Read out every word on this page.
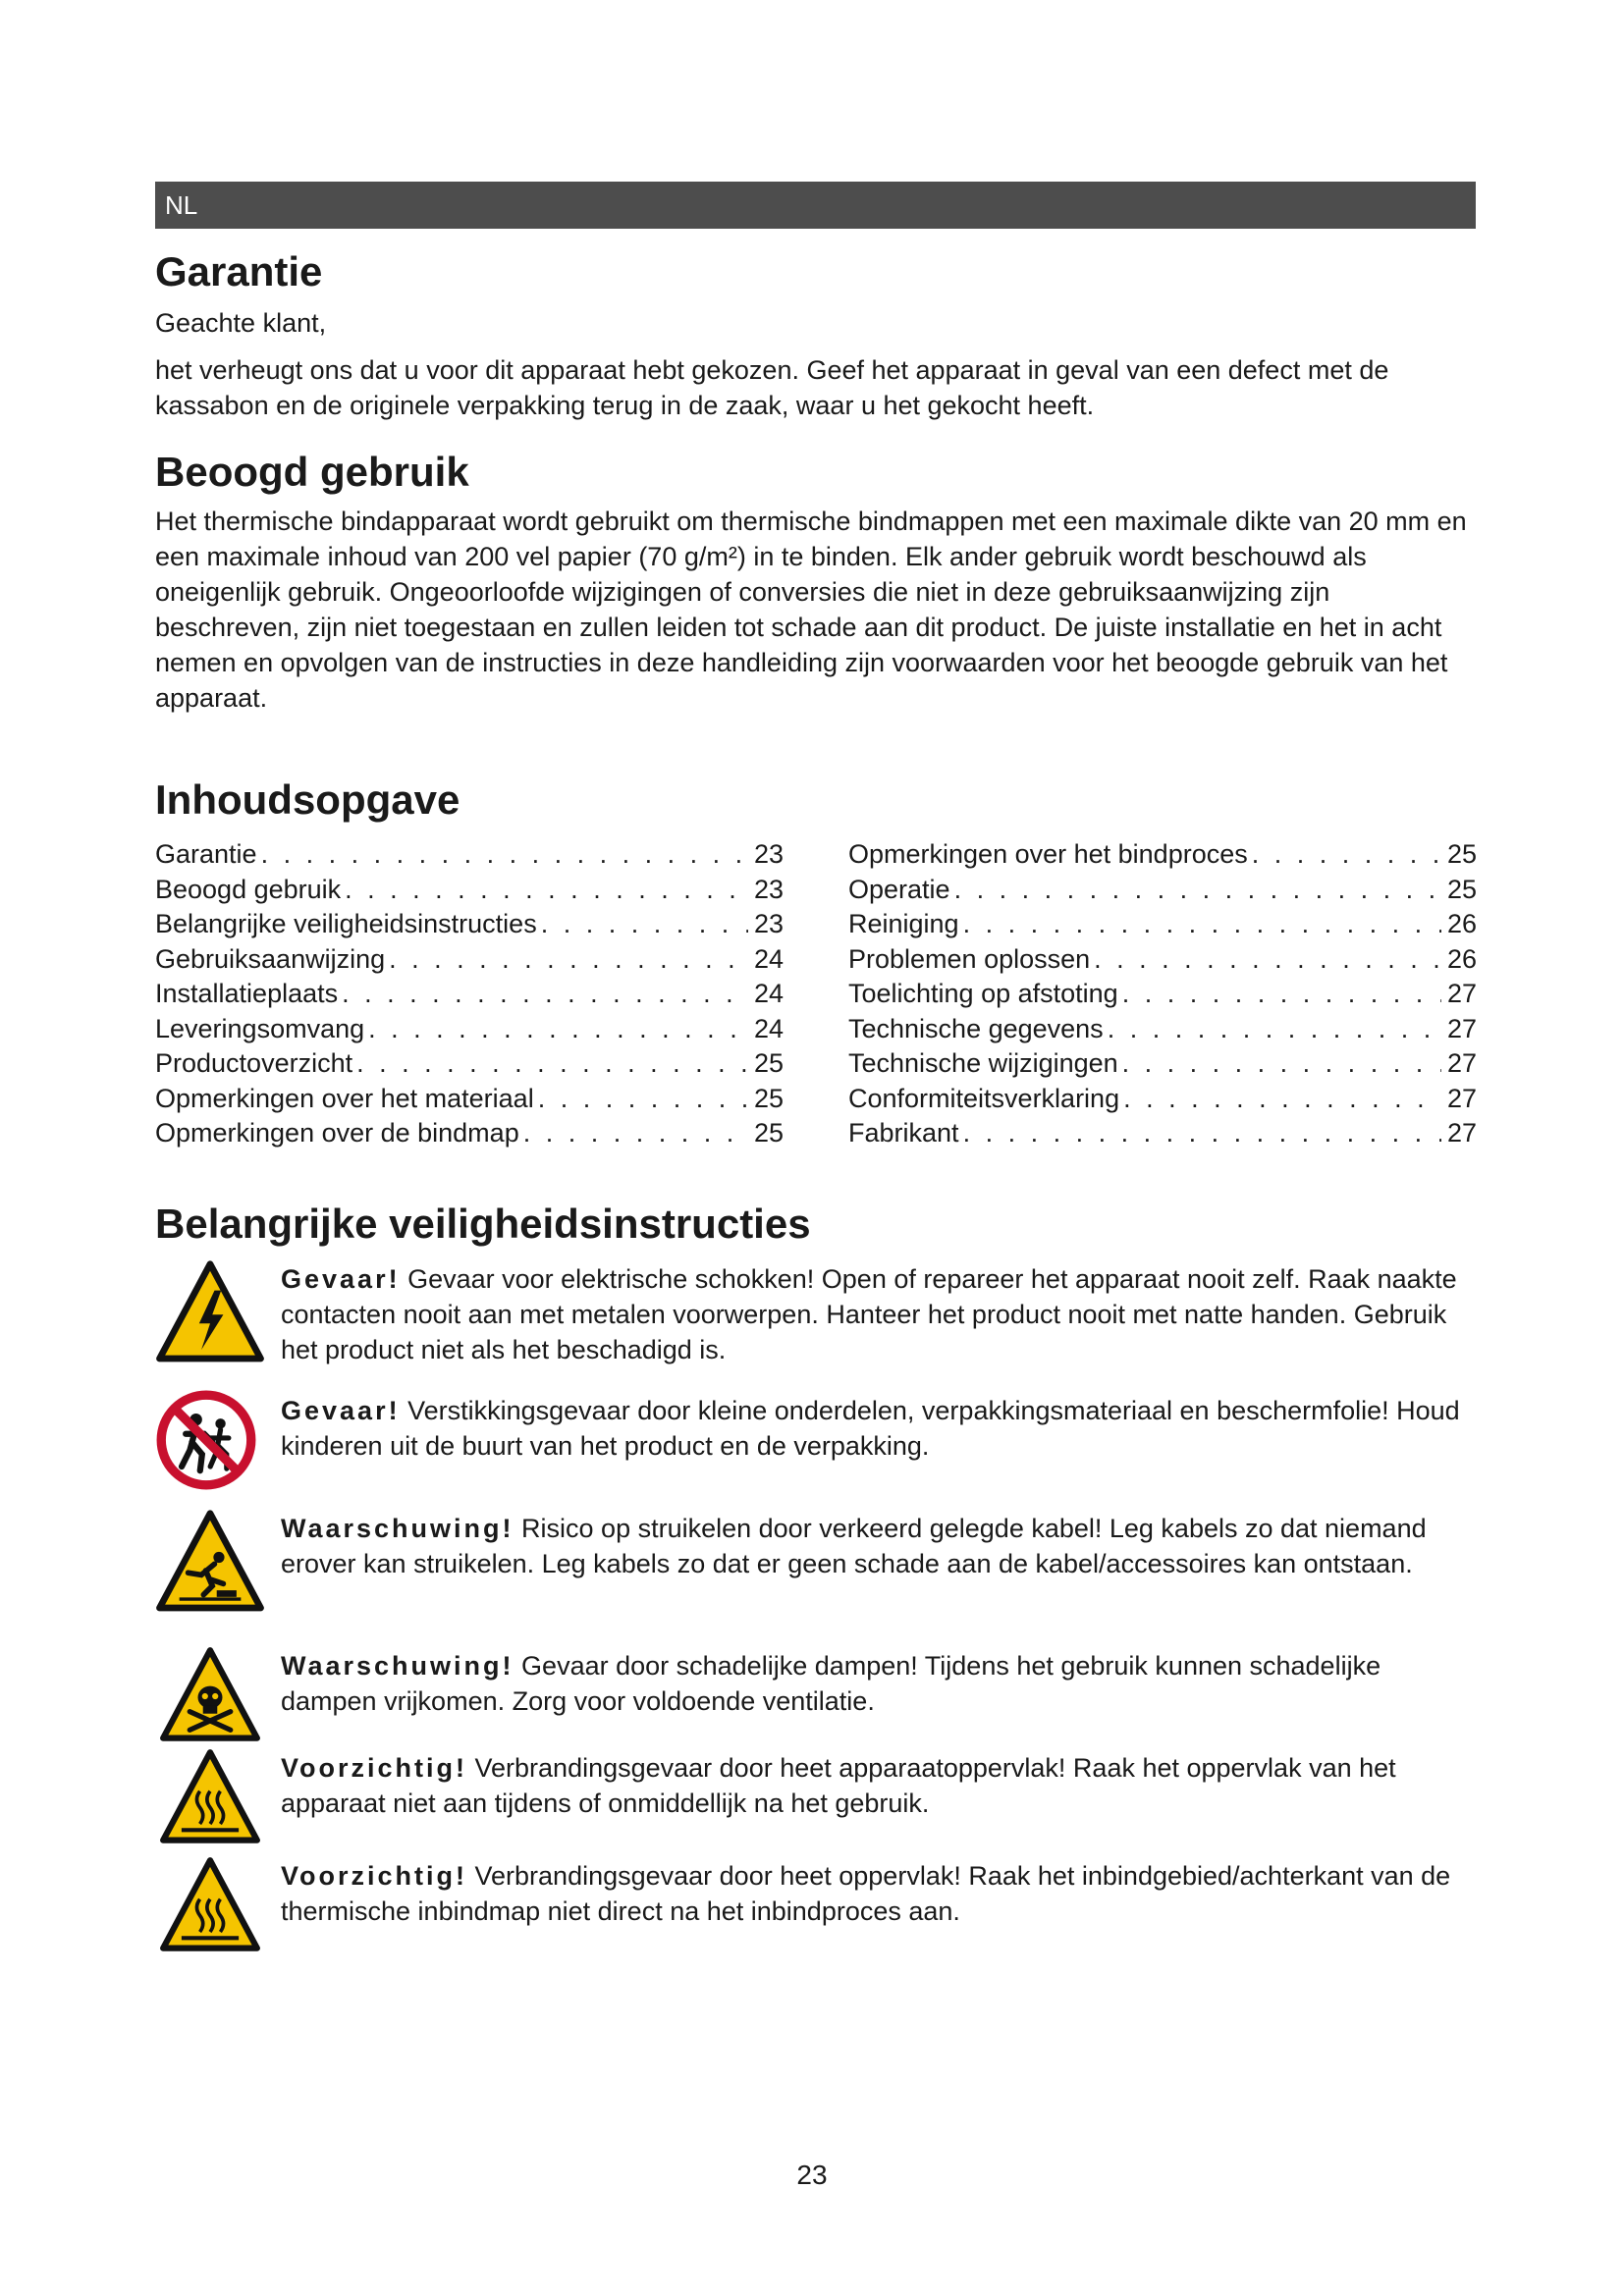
NL
Garantie

Geachte klant,

het verheugt ons dat u voor dit apparaat hebt gekozen. Geef het apparaat in geval van een defect met de kassabon en de originele verpakking terug in de zaak, waar u het gekocht heeft.

Beoogd gebruik

Het thermische bindapparaat wordt gebruikt om thermische bindmappen met een maximale dikte van 20 mm en een maximale inhoud van 200 vel papier (70 g/m²) in te binden. Elk ander gebruik wordt beschouwd als oneigenlijk gebruik. Ongeoorloofde wijzigingen of conversies die niet in deze gebruiksaanwijzing zijn beschreven, zijn niet toegestaan en zullen leiden tot schade aan dit product. De juiste installatie en het in acht nemen en opvolgen van de instructies in deze handleiding zijn voorwaarden voor het beoogde gebruik van het apparaat.

Inhoudsopgave
Garantie . . .	23
Beoogd gebruik . . .	23
Belangrijke veiligheidsinstructies . . .	23
Gebruiksaanwijzing . . .	24
Installatieplaats . . .	24
Leveringsomvang . . .	24
Productoverzicht . . .	25
Opmerkingen over het materiaal . . .	25
Opmerkingen over de bindmap . . .	25
Opmerkingen over het bindproces . . .	25
Operatie . . .	25
Reiniging . . .	26
Problemen oplossen . . .	26
Toelichting op afstoting . . .	27
Technische gegevens . . .	27
Technische wijzigingen . . .	27
Conformiteitsverklaring . . .	27
Fabrikant . . .	27
Belangrijke veiligheidsinstructies
Gevaar! Gevaar voor elektrische schokken! Open of repareer het apparaat nooit zelf. Raak naakte contacten nooit aan met metalen voorwerpen. Hanteer het product nooit met natte handen. Gebruik het product niet als het beschadigd is.
Gevaar! Verstikkingsgevaar door kleine onderdelen, verpakkingsmateriaal en beschermfolie! Houd kinderen uit de buurt van het product en de verpakking.
Waarschuwing! Risico op struikelen door verkeerd gelegde kabel! Leg kabels zo dat niemand erover kan struikelen. Leg kabels zo dat er geen schade aan de kabel/accessoires kan ontstaan.
Waarschuwing! Gevaar door schadelijke dampen! Tijdens het gebruik kunnen schadelijke dampen vrijkomen. Zorg voor voldoende ventilatie.
Voorzichtig! Verbrandingsgevaar door heet apparaatoppervlak! Raak het oppervlak van het apparaat niet aan tijdens of onmiddellijk na het gebruik.
Voorzichtig! Verbrandingsgevaar door heet oppervlak! Raak het inbindgebied/achterkant van de thermische inbindmap niet direct na het inbindproces aan.
23
